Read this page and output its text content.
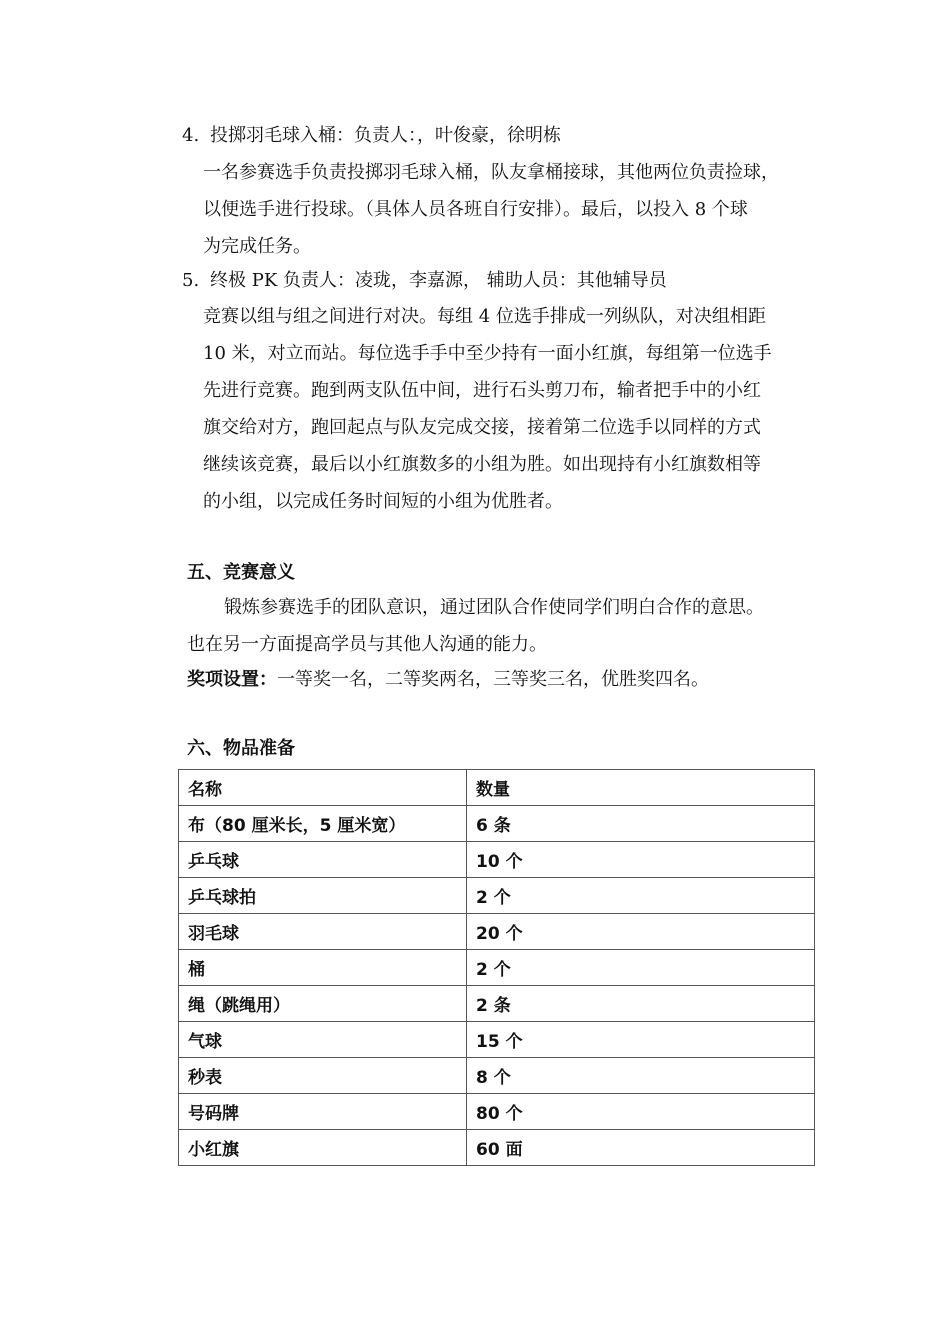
4. 投掷羽毛球入桶：负责人：，叶俊豪，徐明栋
一名参赛选手负责投掷羽毛球入桶，队友拿桶接球，其他两位负责捡球，
以便选手进行投球。（具体人员各班自行安排）。最后，以投入 8 个球
为完成任务。
5. 终极 PK 负责人：凌珑，李嘉源， 辅助人员：其他辅导员
竞赛以组与组之间进行对决。每组 4 位选手排成一列纵队，对决组相距
10 米，对立而站。每位选手手中至少持有一面小红旗，每组第一位选手
先进行竞赛。跑到两支队伍中间，进行石头剪刀布，输者把手中的小红
旗交给对方，跑回起点与队友完成交接，接着第二位选手以同样的方式
继续该竞赛，最后以小红旗数多的小组为胜。如出现持有小红旗数相等
的小组，以完成任务时间短的小组为优胜者。
五、竞赛意义
锻炼参赛选手的团队意识，通过团队合作使同学们明白合作的意思。
也在另一方面提高学员与其他人沟通的能力。
奖项设置：一等奖一名，二等奖两名，三等奖三名，优胜奖四名。
六、物品准备
名称	数量
布（80 厘米长，5 厘米宽）	6 条
乒乓球	10 个
乒乓球拍	2 个
羽毛球	20 个
桶	2 个
绳（跳绳用）	2 条
气球	15 个
秒表	8 个
号码牌	80 个
小红旗	60 面
